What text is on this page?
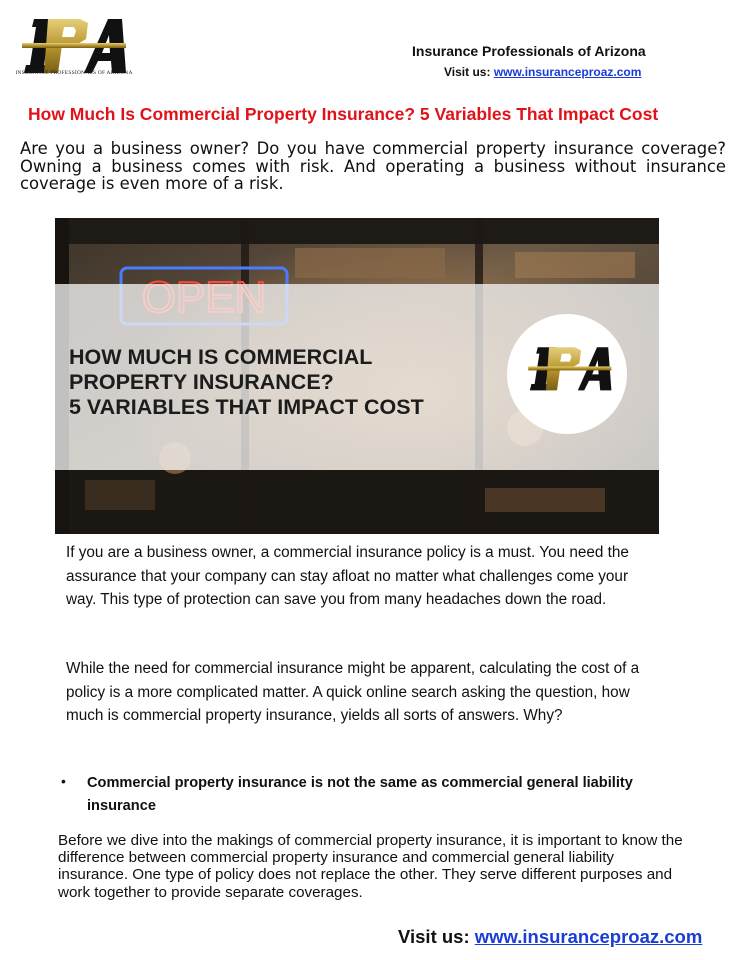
INSURANCE PROFESSIONALS OF ARIZONA
Insurance Professionals of Arizona
Visit us: www.insuranceproaz.com
How Much Is Commercial Property Insurance? 5 Variables That Impact Cost
Are you a business owner? Do you have commercial property insurance coverage? Owning a business comes with risk. And operating a business without insurance coverage is even more of a risk.
HOW MUCH IS COMMERCIAL
PROPERTY INSURANCE?
5 VARIABLES THAT IMPACT COST
If you are a business owner, a commercial insurance policy is a must. You need the assurance that your company can stay afloat no matter what challenges come your way. This type of protection can save you from many headaches down the road.
While the need for commercial insurance might be apparent, calculating the cost of a policy is a more complicated matter. A quick online search asking the question, how much is commercial property insurance, yields all sorts of answers. Why?
• Commercial property insurance is not the same as commercial general liability insurance
Before we dive into the makings of commercial property insurance, it is important to know the difference between commercial property insurance and commercial general liability insurance. One type of policy does not replace the other. They serve different purposes and work together to provide separate coverages.
Visit us: www.insuranceproaz.com
